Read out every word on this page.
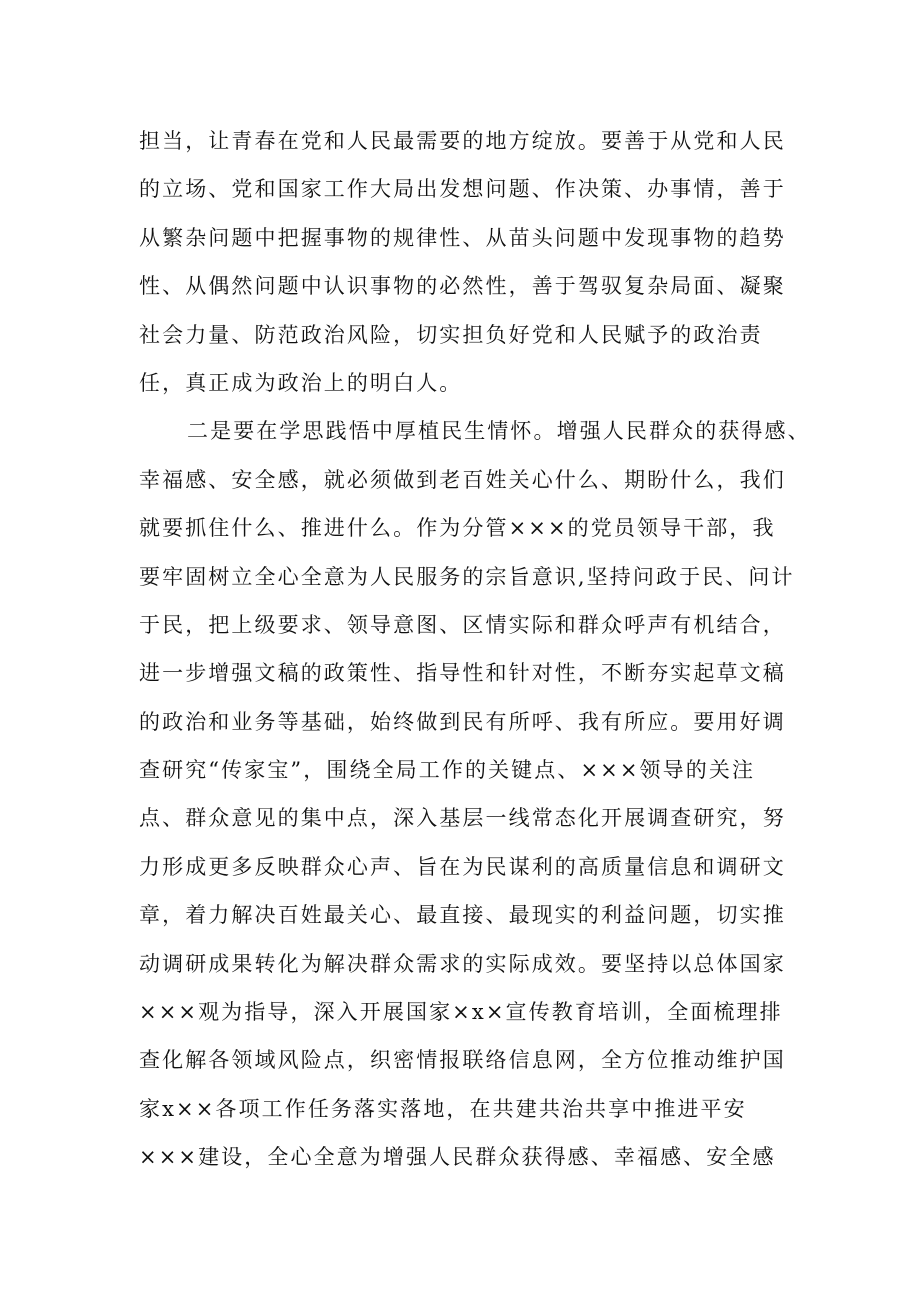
担当，让青春在党和人民最需要的地方绽放。要善于从党和人民
的立场、党和国家工作大局出发想问题、作决策、办事情，善于
从繁杂问题中把握事物的规律性、从苗头问题中发现事物的趋势
性、从偶然问题中认识事物的必然性，善于驾驭复杂局面、凝聚
社会力量、防范政治风险，切实担负好党和人民赋予的政治责
任，真正成为政治上的明白人。
二是要在学思践悟中厚植民生情怀。增强人民群众的获得感、
幸福感、安全感，就必须做到老百姓关心什么、期盼什么，我们
就要抓住什么、推进什么。作为分管×××的党员领导干部，我
要牢固树立全心全意为人民服务的宗旨意识,坚持问政于民、问计
于民，把上级要求、领导意图、区情实际和群众呼声有机结合，
进一步增强文稿的政策性、指导性和针对性，不断夯实起草文稿
的政治和业务等基础，始终做到民有所呼、我有所应。要用好调
查研究“传家宝”，围绕全局工作的关键点、×××领导的关注
点、群众意见的集中点，深入基层一线常态化开展调查研究，努
力形成更多反映群众心声、旨在为民谋利的高质量信息和调研文
章，着力解决百姓最关心、最直接、最现实的利益问题，切实推
动调研成果转化为解决群众需求的实际成效。要坚持以总体国家
×××观为指导，深入开展国家×x×宣传教育培训，全面梳理排
查化解各领域风险点，织密情报联络信息网，全方位推动维护国
家x××各项工作任务落实落地，在共建共治共享中推进平安
×××建设，全心全意为增强人民群众获得感、幸福感、安全感
